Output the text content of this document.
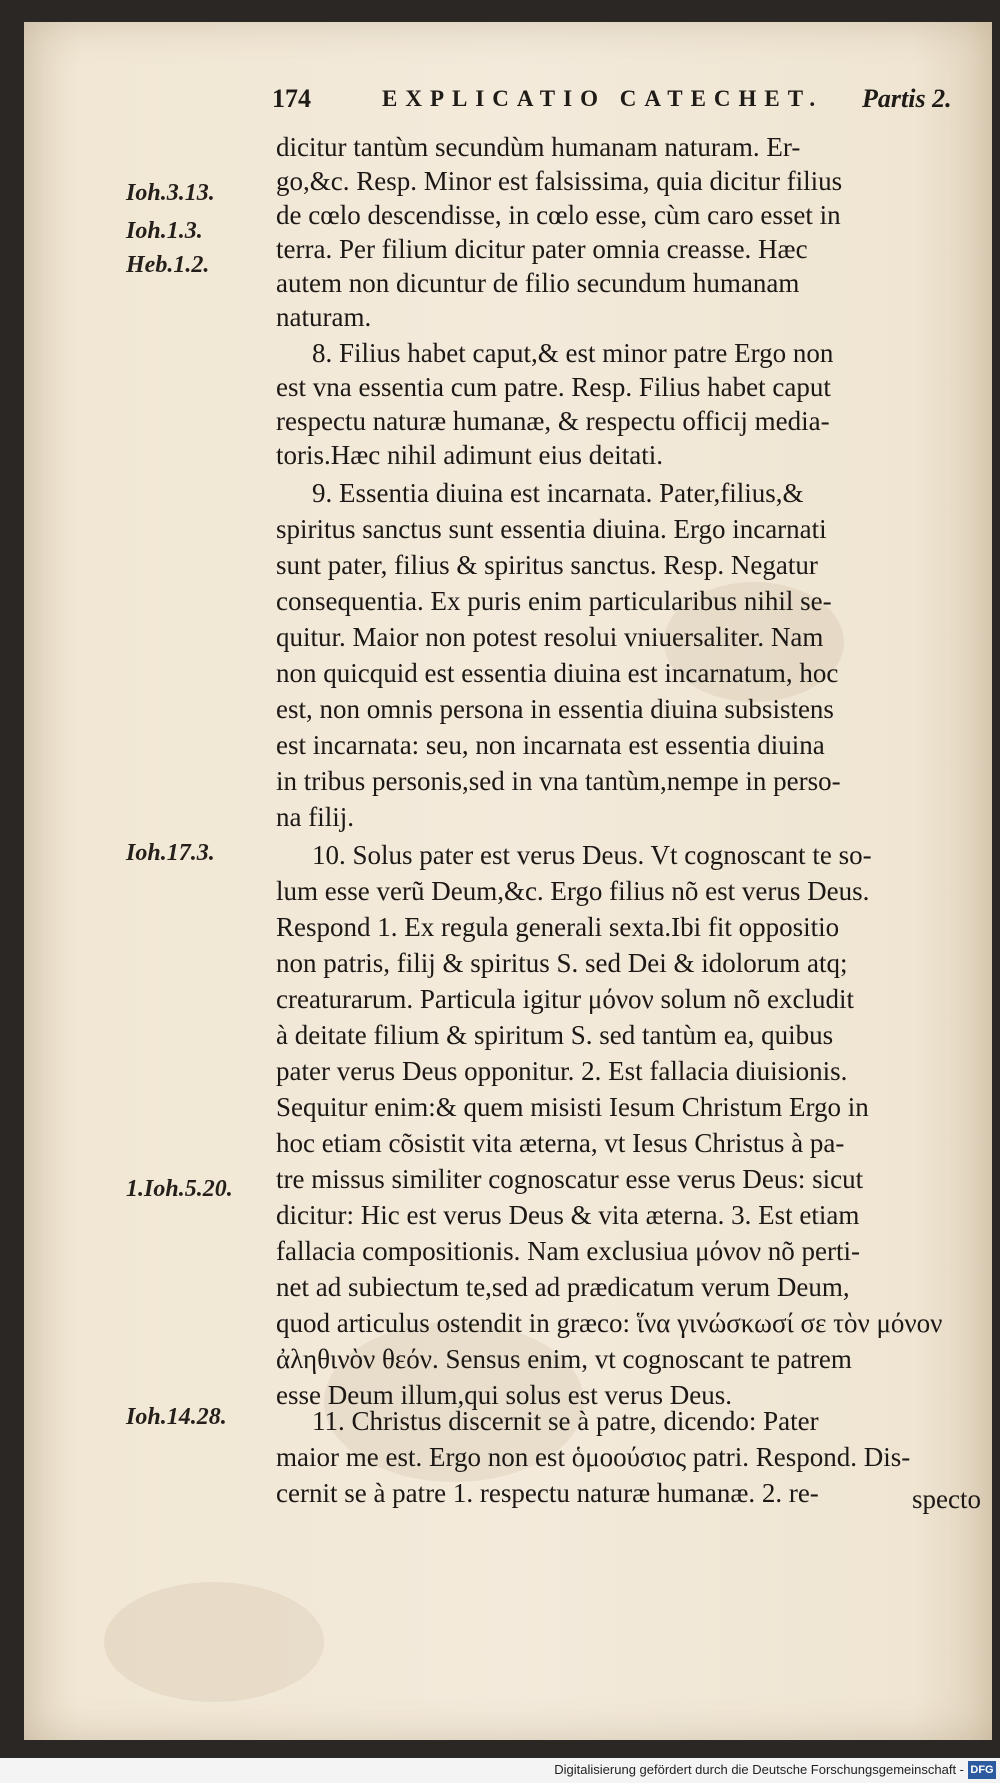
174	EXPLICATIO CATECHET. Partis 2.
Ioh.3.13.
Ioh.1.3.
Heb.1.2.
Ioh.17.3.
1.Ioh.5.20.
Ioh.14.28.
dicitur tantùm secundùm humanam naturam. Er-
go,&c. Resp. Minor est falsissima, quia dicitur filius
de cœlo descendisse, in cœlo esse, cùm caro esset in
terra. Per filium dicitur pater omnia creasse. Hæc
autem non dicuntur de filio secundum humanam
naturam.
8. Filius habet caput,& est minor patre Ergo non
est vna essentia cum patre. Resp. Filius habet caput
respectu naturæ humanæ, & respectu officij media-
toris.Hæc nihil adimunt eius deitati.
9. Essentia diuina est incarnata. Pater,filius,&
spiritus sanctus sunt essentia diuina. Ergo incarnati
sunt pater, filius & spiritus sanctus. Resp. Negatur
consequentia. Ex puris enim particularibus nihil se-
quitur. Maior non potest resolui vniuersaliter. Nam
non quicquid est essentia diuina est incarnatum, hoc
est, non omnis persona in essentia diuina subsistens
est incarnata: seu, non incarnata est essentia diuina
in tribus personis,sed in vna tantùm,nempe in perso-
na filij.
10. Solus pater est verus Deus. Vt cognoscant te so-
lum esse verũ Deum,&c. Ergo filius nõ est verus Deus.
Respond 1. Ex regula generali sexta.Ibi fit oppositio
non patris, filij & spiritus S. sed Dei & idolorum atq;
creaturarum. Particula igitur μόνον solum nõ excludit
à deitate filium & spiritum S. sed tantùm ea, quibus
pater verus Deus opponitur. 2. Est fallacia diuisionis.
Sequitur enim:& quem misisti Iesum Christum Ergo in
hoc etiam cõsistit vita æterna, vt Iesus Christus à pa-
tre missus similiter cognoscatur esse verus Deus: sicut
dicitur: Hic est verus Deus & vita æterna. 3. Est etiam
fallacia compositionis. Nam exclusiua μόνον nõ perti-
net ad subiectum te,sed ad prædicatum verum Deum,
quod articulus ostendit in græco: ἵνα γινώσκωσί σε τὸν μόνον
ἀληθινὸν θεόν. Sensus enim, vt cognoscant te patrem
esse Deum illum,qui solus est verus Deus.
11. Christus discernit se à patre, dicendo: Pater
maior me est. Ergo non est ὁμοούσιος patri. Respond. Dis-
cernit se à patre 1. respectu naturæ humanæ. 2. re-	specto
Digitalisierung gefördert durch die Deutsche Forschungsgemeinschaft - DFG
